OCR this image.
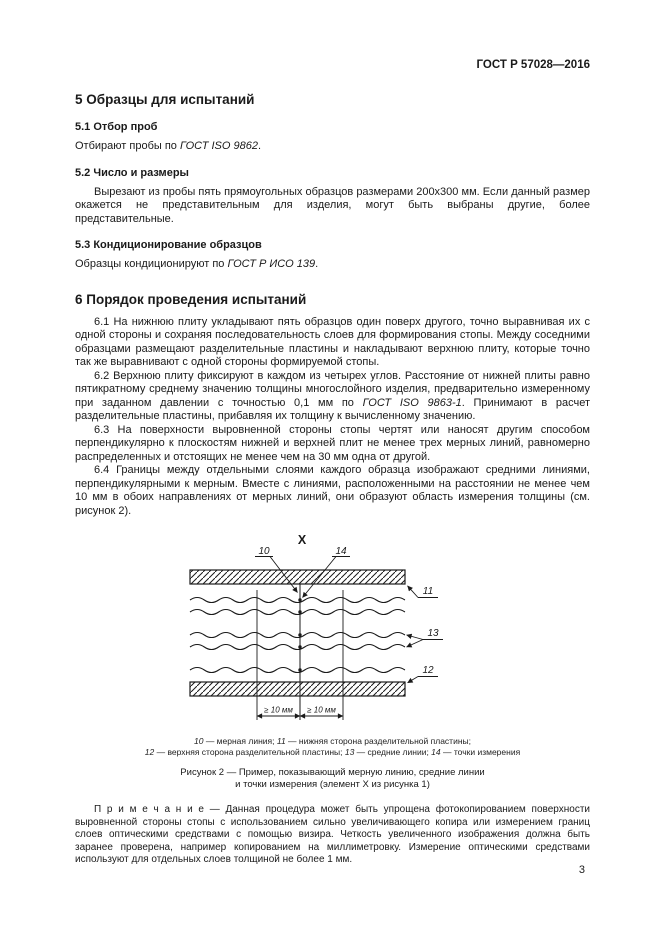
ГОСТ Р 57028—2016
5 Образцы для испытаний
5.1 Отбор проб

Отбирают пробы по ГОСТ ISO 9862.

5.2 Число и размеры

Вырезают из пробы пять прямоугольных образцов размерами 200x300 мм. Если данный размер окажется не представительным для изделия, могут быть выбраны другие, более представительные.

5.3 Кондиционирование образцов

Образцы кондиционируют по ГОСТ Р ИСО 139.

6 Порядок проведения испытаний

6.1 На нижнюю плиту укладывают пять образцов один поверх другого, точно выравнивая их с одной стороны и сохраняя последовательность слоев для формирования стопы. Между соседними образцами размещают разделительные пластины и накладывают верхнюю плиту, которые точно так же выравнивают с одной стороны формируемой стопы.

6.2 Верхнюю плиту фиксируют в каждом из четырех углов. Расстояние от нижней плиты равно пятикратному среднему значению толщины многослойного изделия, предварительно измеренному при заданном давлении с точностью 0,1 мм по ГОСТ ISO 9863-1. Принимают в расчет разделительные пластины, прибавляя их толщину к вычисленному значению.

6.3 На поверхности выровненной стороны стопы чертят или наносят другим способом перпендикулярно к плоскостям нижней и верхней плит не менее трех мерных линий, равномерно распределенных и отстоящих не менее чем на 30 мм одна от другой.

6.4 Границы между отдельными слоями каждого образца изображают средними линиями, перпендикулярными к мерным. Вместе с линиями, расположенными на расстоянии не менее чем 10 мм в обоих направлениях от мерных линий, они образуют область измерения толщины (см. рисунок 2).

X
10	14
11
13
12
≥ 10 мм ≥ 10 мм
10 — мерная линия; 11 — нижняя сторона разделительной пластины;
12 — верхняя сторона разделительной пластины; 13 — средние линии; 14 — точки измерения
Рисунок 2 — Пример, показывающий мерную линию, средние линии
и точки измерения (элемент X из рисунка 1)

П р и м е ч а н и е — Данная процедура может быть упрощена фотокопированием поверхности выровненной стороны стопы с использованием сильно увеличивающего копира или измерением границ слоев оптическими средствами с помощью визира. Четкость увеличенного изображения должна быть заранее проверена, например копированием на миллиметровку. Измерение оптическими средствами используют для отдельных слоев толщиной не более 1 мм.

3
